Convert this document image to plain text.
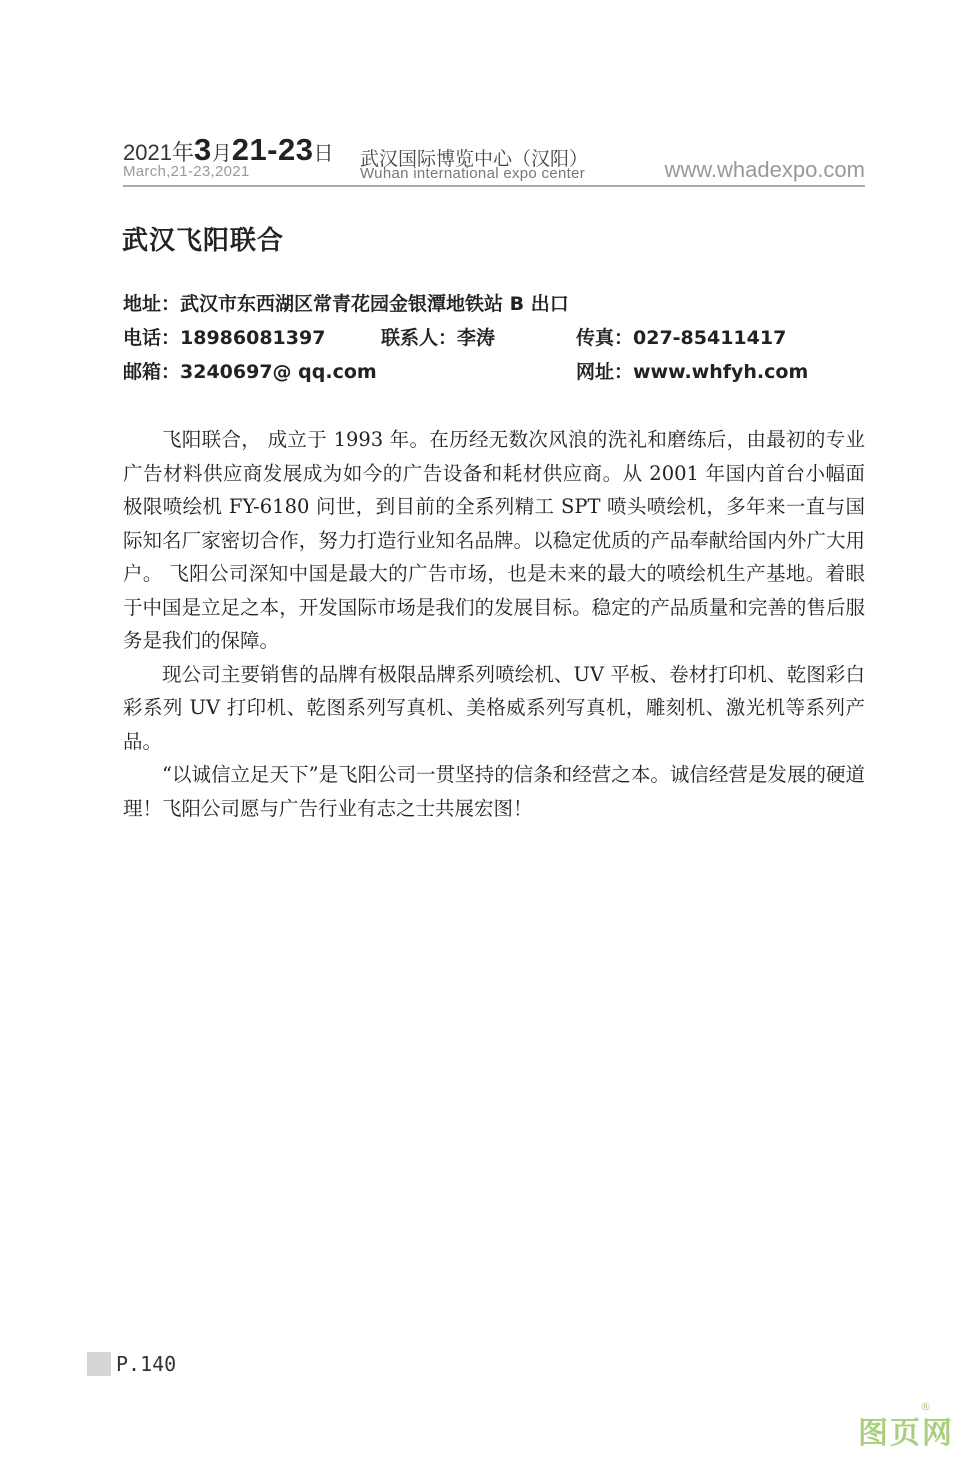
2021年3月21-23日
March,21-23,2021
武汉国际博览中心（汉阳）
Wuhan international expo center	www.whadexpo.com
武汉飞阳联合
地址：武汉市东西湖区常青花园金银潭地铁站 B 出口
电话：18986081397	联系人：李涛	传真：027-85411417
邮箱：3240697@ qq.com	网址：www.whfyh.com

飞阳联合， 成立于 1993 年。在历经无数次风浪的洗礼和磨练后，由最初的专业广告材料供应商发展成为如今的广告设备和耗材供应商。从 2001 年国内首台小幅面极限喷绘机 FY-6180 问世，到目前的全系列精工 SPT 喷头喷绘机，多年来一直与国际知名厂家密切合作，努力打造行业知名品牌。以稳定优质的产品奉献给国内外广大用户。 飞阳公司深知中国是最大的广告市场，也是未来的最大的喷绘机生产基地。着眼于中国是立足之本，开发国际市场是我们的发展目标。稳定的产品质量和完善的售后服务是我们的保障。

现公司主要销售的品牌有极限品牌系列喷绘机、UV 平板、卷材打印机、乾图彩白彩系列 UV 打印机、乾图系列写真机、美格威系列写真机，雕刻机、激光机等系列产品。

“以诚信立足天下”是飞阳公司一贯坚持的信条和经营之本。诚信经营是发展的硬道理！飞阳公司愿与广告行业有志之士共展宏图！

P.140
图页网
®
